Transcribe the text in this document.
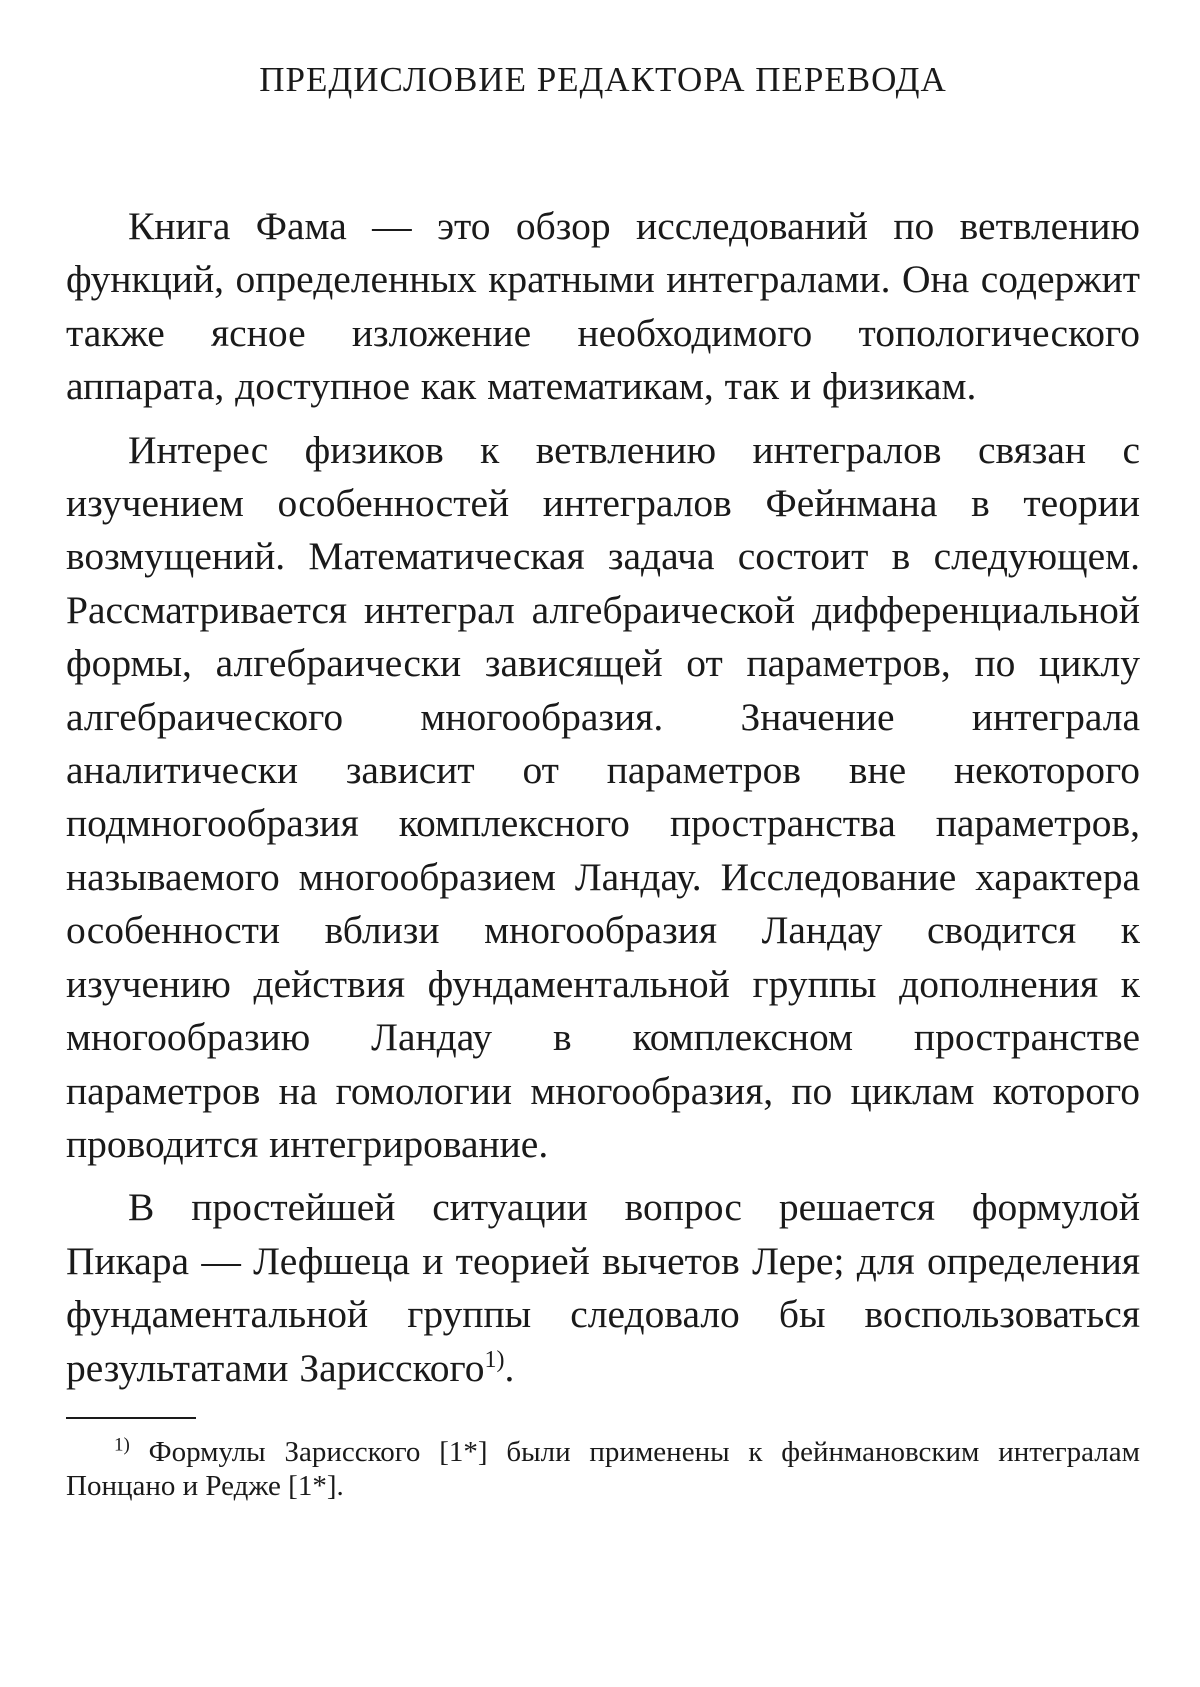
ПРЕДИСЛОВИЕ РЕДАКТОРА ПЕРЕВОДА

Книга Фама — это обзор исследований по ветвлению функций, определенных кратными интегралами. Она содержит также ясное изложение необходимого топологического аппарата, доступное как математикам, так и физикам.

Интерес физиков к ветвлению интегралов связан с изучением особенностей интегралов Фейнмана в теории возмущений. Математическая задача состоит в следующем. Рассматривается интеграл алгебраической дифференциальной формы, алгебраически зависящей от параметров, по циклу алгебраического многообразия. Значение интеграла аналитически зависит от параметров вне некоторого подмногообразия комплексного пространства параметров, называемого многообразием Ландау. Исследование характера особенности вблизи многообразия Ландау сводится к изучению действия фундаментальной группы дополнения к многообразию Ландау в комплексном пространстве параметров на гомологии многообразия, по циклам которого проводится интегрирование.

В простейшей ситуации вопрос решается формулой Пикара — Лефшеца и теорией вычетов Лере; для определения фундаментальной группы следовало бы воспользоваться результатами Зарисского$^{1)}$.

$^{1)}$ Формулы Зарисского [1*] были применены к фейнмановским интегралам Понцано и Редже [1*].
